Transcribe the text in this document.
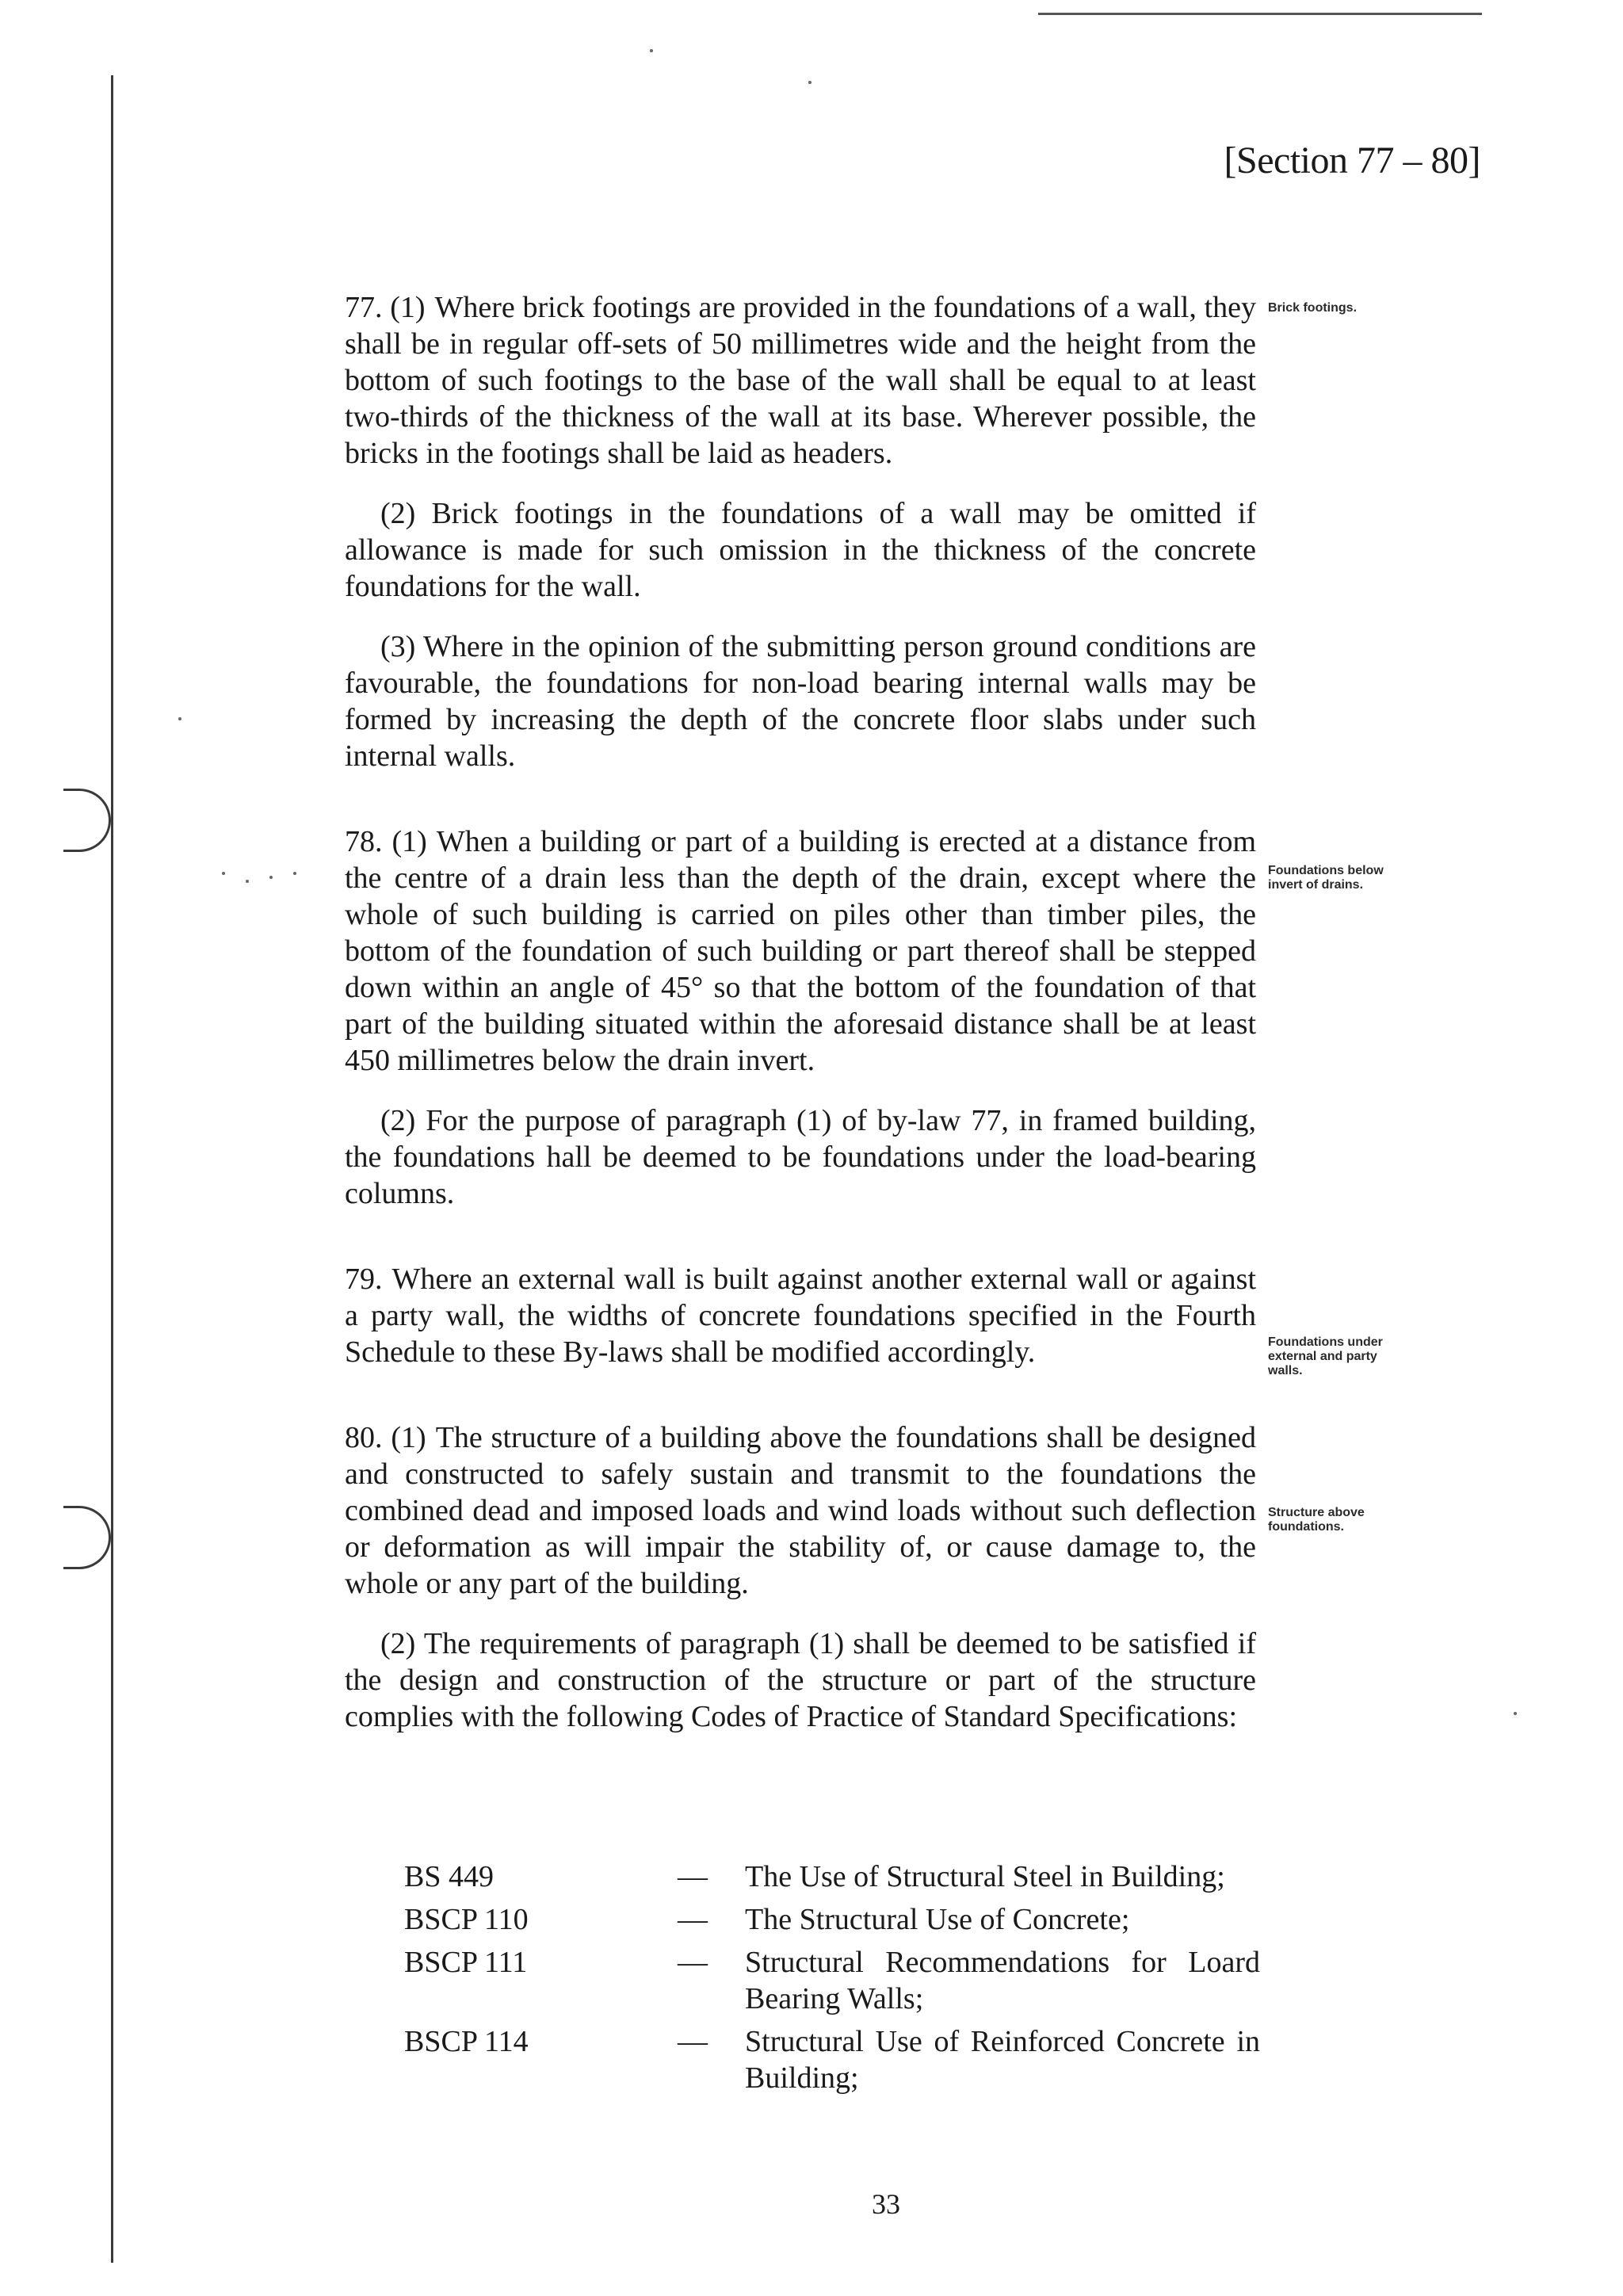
[Section 77 – 80]
Brick footings.
Foundations below invert of drains.
Foundations under external and party walls.
Structure above foundations.

77. (1) Where brick footings are provided in the foundations of a wall, they shall be in regular off-sets of 50 millimetres wide and the height from the bottom of such footings to the base of the wall shall be equal to at least two-thirds of the thickness of the wall at its base. Wherever possible, the bricks in the footings shall be laid as headers.

(2) Brick footings in the foundations of a wall may be omitted if allowance is made for such omission in the thickness of the concrete foundations for the wall.

(3) Where in the opinion of the submitting person ground conditions are favourable, the foundations for non-load bearing internal walls may be formed by increasing the depth of the concrete floor slabs under such internal walls.

78. (1) When a building or part of a building is erected at a distance from the centre of a drain less than the depth of the drain, except where the whole of such building is carried on piles other than timber piles, the bottom of the foundation of such building or part thereof shall be stepped down within an angle of 45° so that the bottom of the foundation of that part of the building situated within the aforesaid distance shall be at least 450 millimetres below the drain invert.

(2) For the purpose of paragraph (1) of by-law 77, in framed building, the foundations hall be deemed to be foundations under the load-bearing columns.

79. Where an external wall is built against another external wall or against a party wall, the widths of concrete foundations specified in the Fourth Schedule to these By-laws shall be modified accordingly.

80. (1) The structure of a building above the foundations shall be designed and constructed to safely sustain and transmit to the foundations the combined dead and imposed loads and wind loads without such deflection or deformation as will impair the stability of, or cause damage to, the whole or any part of the building.

(2) The requirements of paragraph (1) shall be deemed to be satisfied if the design and construction of the structure or part of the structure complies with the following Codes of Practice of Standard Specifications:

BS 449	—	The Use of Structural Steel in Building;
BSCP 110	—	The Structural Use of Concrete;
BSCP 111	—	Structural Recommendations for Loard Bearing Walls;
BSCP 114	—	Structural Use of Reinforced Concrete in Building;
33
